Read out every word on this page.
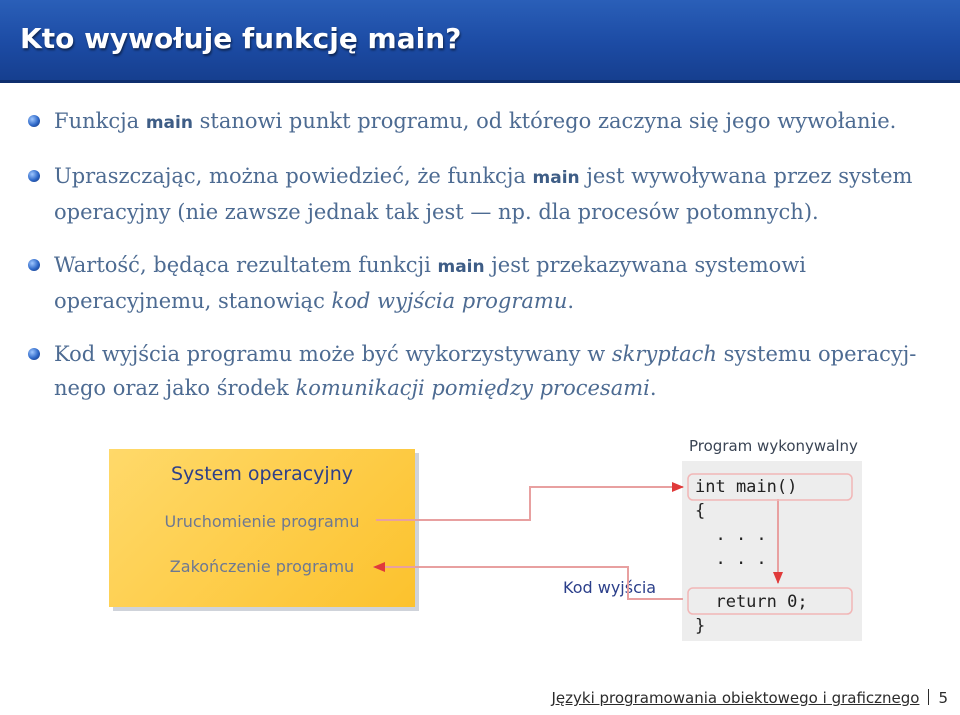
Kto wywołuje funkcję main?
Funkcja main stanowi punkt programu, od którego zaczyna się jego wywołanie.
Upraszczając, można powiedzieć, że funkcja main jest wywoływana przez system operacyjny (nie zawsze jednak tak jest — np. dla procesów potomnych).
Wartość, będąca rezultatem funkcji main jest przekazywana systemowi operacyjnemu, stanowiąc kod wyjścia programu.
Kod wyjścia programu może być wykorzystywany w skryptach systemu operacyj-nego oraz jako środek komunikacji pomiędzy procesami.
System operacyjny
Uruchomienie programu
Zakończenie programu
Program wykonywalny
int main()
{
. . .
. . .
return 0;
}
Kod wyjścia
Języki programowania obiektowego i graficznego 5
